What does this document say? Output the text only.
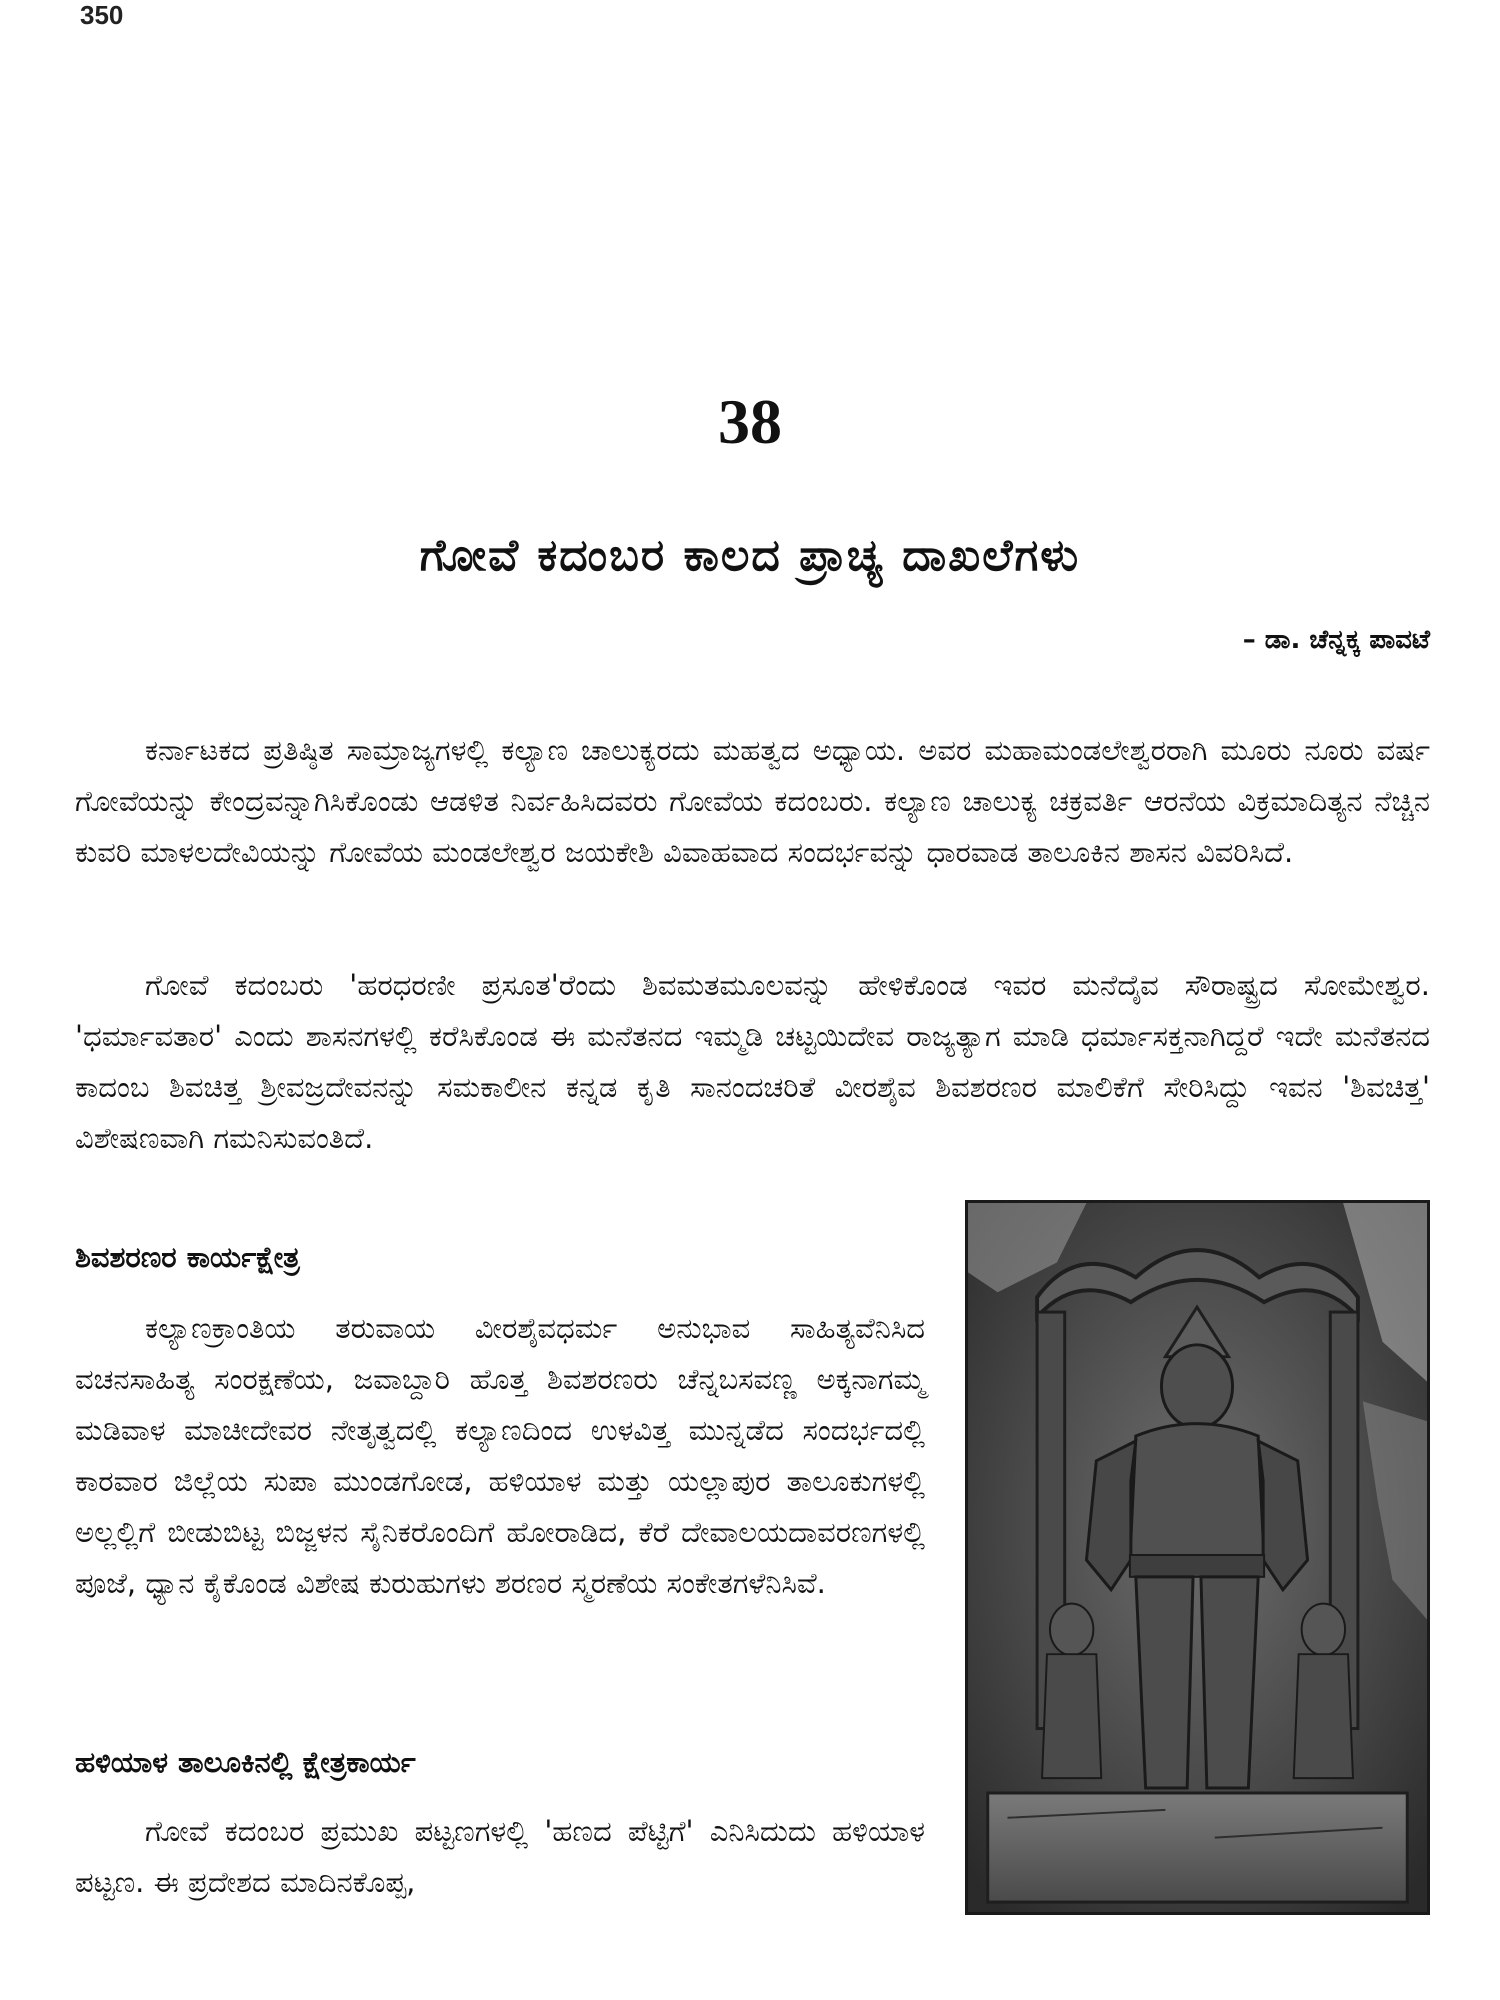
350
38
ಗೋವೆ ಕದಂಬರ ಕಾಲದ ಪ್ರಾಚ್ಯ ದಾಖಲೆಗಳು
– ಡಾ. ಚೆನ್ನಕ್ಕ ಪಾವಟೆ

ಕರ್ನಾಟಕದ ಪ್ರತಿಷ್ಠಿತ ಸಾಮ್ರಾಜ್ಯಗಳಲ್ಲಿ ಕಲ್ಯಾಣ ಚಾಲುಕ್ಯರದು ಮಹತ್ವದ ಅಧ್ಯಾಯ. ಅವರ ಮಹಾಮಂಡಲೇಶ್ವರರಾಗಿ ಮೂರು ನೂರು ವರ್ಷ ಗೋವೆಯನ್ನು ಕೇಂದ್ರವನ್ನಾಗಿಸಿಕೊಂಡು ಆಡಳಿತ ನಿರ್ವಹಿಸಿದವರು ಗೋವೆಯ ಕದಂಬರು. ಕಲ್ಯಾಣ ಚಾಲುಕ್ಯ ಚಕ್ರವರ್ತಿ ಆರನೆಯ ವಿಕ್ರಮಾದಿತ್ಯನ ನೆಚ್ಚಿನ ಕುವರಿ ಮಾಳಲದೇವಿಯನ್ನು ಗೋವೆಯ ಮಂಡಲೇಶ್ವರ ಜಯಕೇಶಿ ವಿವಾಹವಾದ ಸಂದರ್ಭವನ್ನು ಧಾರವಾಡ ತಾಲೂಕಿನ ಶಾಸನ ವಿವರಿಸಿದೆ.

ಗೋವೆ ಕದಂಬರು 'ಹರಧರಣೀ ಪ್ರಸೂತ'ರೆಂದು ಶಿವಮತಮೂಲವನ್ನು ಹೇಳಿಕೊಂಡ ಇವರ ಮನೆದೈವ ಸೌರಾಷ್ಟ್ರದ ಸೋಮೇಶ್ವರ. 'ಧರ್ಮಾವತಾರ' ಎಂದು ಶಾಸನಗಳಲ್ಲಿ ಕರೆಸಿಕೊಂಡ ಈ ಮನೆತನದ ಇಮ್ಮಡಿ ಚಟ್ಟಯಿದೇವ ರಾಜ್ಯತ್ಯಾಗ ಮಾಡಿ ಧರ್ಮಾಸಕ್ತನಾಗಿದ್ದರೆ ಇದೇ ಮನೆತನದ ಕಾದಂಬ ಶಿವಚಿತ್ತ ಶ್ರೀವಜ್ರದೇವನನ್ನು ಸಮಕಾಲೀನ ಕನ್ನಡ ಕೃತಿ ಸಾನಂದಚರಿತೆ ವೀರಶೈವ ಶಿವಶರಣರ ಮಾಲಿಕೆಗೆ ಸೇರಿಸಿದ್ದು ಇವನ 'ಶಿವಚಿತ್ತ' ವಿಶೇಷಣವಾಗಿ ಗಮನಿಸುವಂತಿದೆ.

ಶಿವಶರಣರ ಕಾರ್ಯಕ್ಷೇತ್ರ

ಕಲ್ಯಾಣಕ್ರಾಂತಿಯ ತರುವಾಯ ವೀರಶೈವಧರ್ಮ ಅನುಭಾವ ಸಾಹಿತ್ಯವೆನಿಸಿದ ವಚನಸಾಹಿತ್ಯ ಸಂರಕ್ಷಣೆಯ, ಜವಾಬ್ದಾರಿ ಹೊತ್ತ ಶಿವಶರಣರು ಚೆನ್ನಬಸವಣ್ಣ ಅಕ್ಕನಾಗಮ್ಮ ಮಡಿವಾಳ ಮಾಚೀದೇವರ ನೇತೃತ್ವದಲ್ಲಿ ಕಲ್ಯಾಣದಿಂದ ಉಳವಿತ್ತ ಮುನ್ನಡೆದ ಸಂದರ್ಭದಲ್ಲಿ ಕಾರವಾರ ಜಿಲ್ಲೆಯ ಸುಪಾ ಮುಂಡಗೋಡ, ಹಳಿಯಾಳ ಮತ್ತು ಯಲ್ಲಾಪುರ ತಾಲೂಕುಗಳಲ್ಲಿ ಅಲ್ಲಲ್ಲಿಗೆ ಬೀಡುಬಿಟ್ಟ ಬಿಜ್ಜಳನ ಸೈನಿಕರೊಂದಿಗೆ ಹೋರಾಡಿದ, ಕೆರೆ ದೇವಾಲಯದಾವರಣಗಳಲ್ಲಿ ಪೂಜೆ, ಧ್ಯಾನ ಕೈಕೊಂಡ ವಿಶೇಷ ಕುರುಹುಗಳು ಶರಣರ ಸ್ಮರಣೆಯ ಸಂಕೇತಗಳೆನಿಸಿವೆ.

ಹಳಿಯಾಳ ತಾಲೂಕಿನಲ್ಲಿ ಕ್ಷೇತ್ರಕಾರ್ಯ

ಗೋವೆ ಕದಂಬರ ಪ್ರಮುಖ ಪಟ್ಟಣಗಳಲ್ಲಿ 'ಹಣದ ಪೆಟ್ಟಿಗೆ' ಎನಿಸಿದುದು ಹಳಿಯಾಳ ಪಟ್ಟಣ. ಈ ಪ್ರದೇಶದ ಮಾದಿನಕೊಪ್ಪ,
